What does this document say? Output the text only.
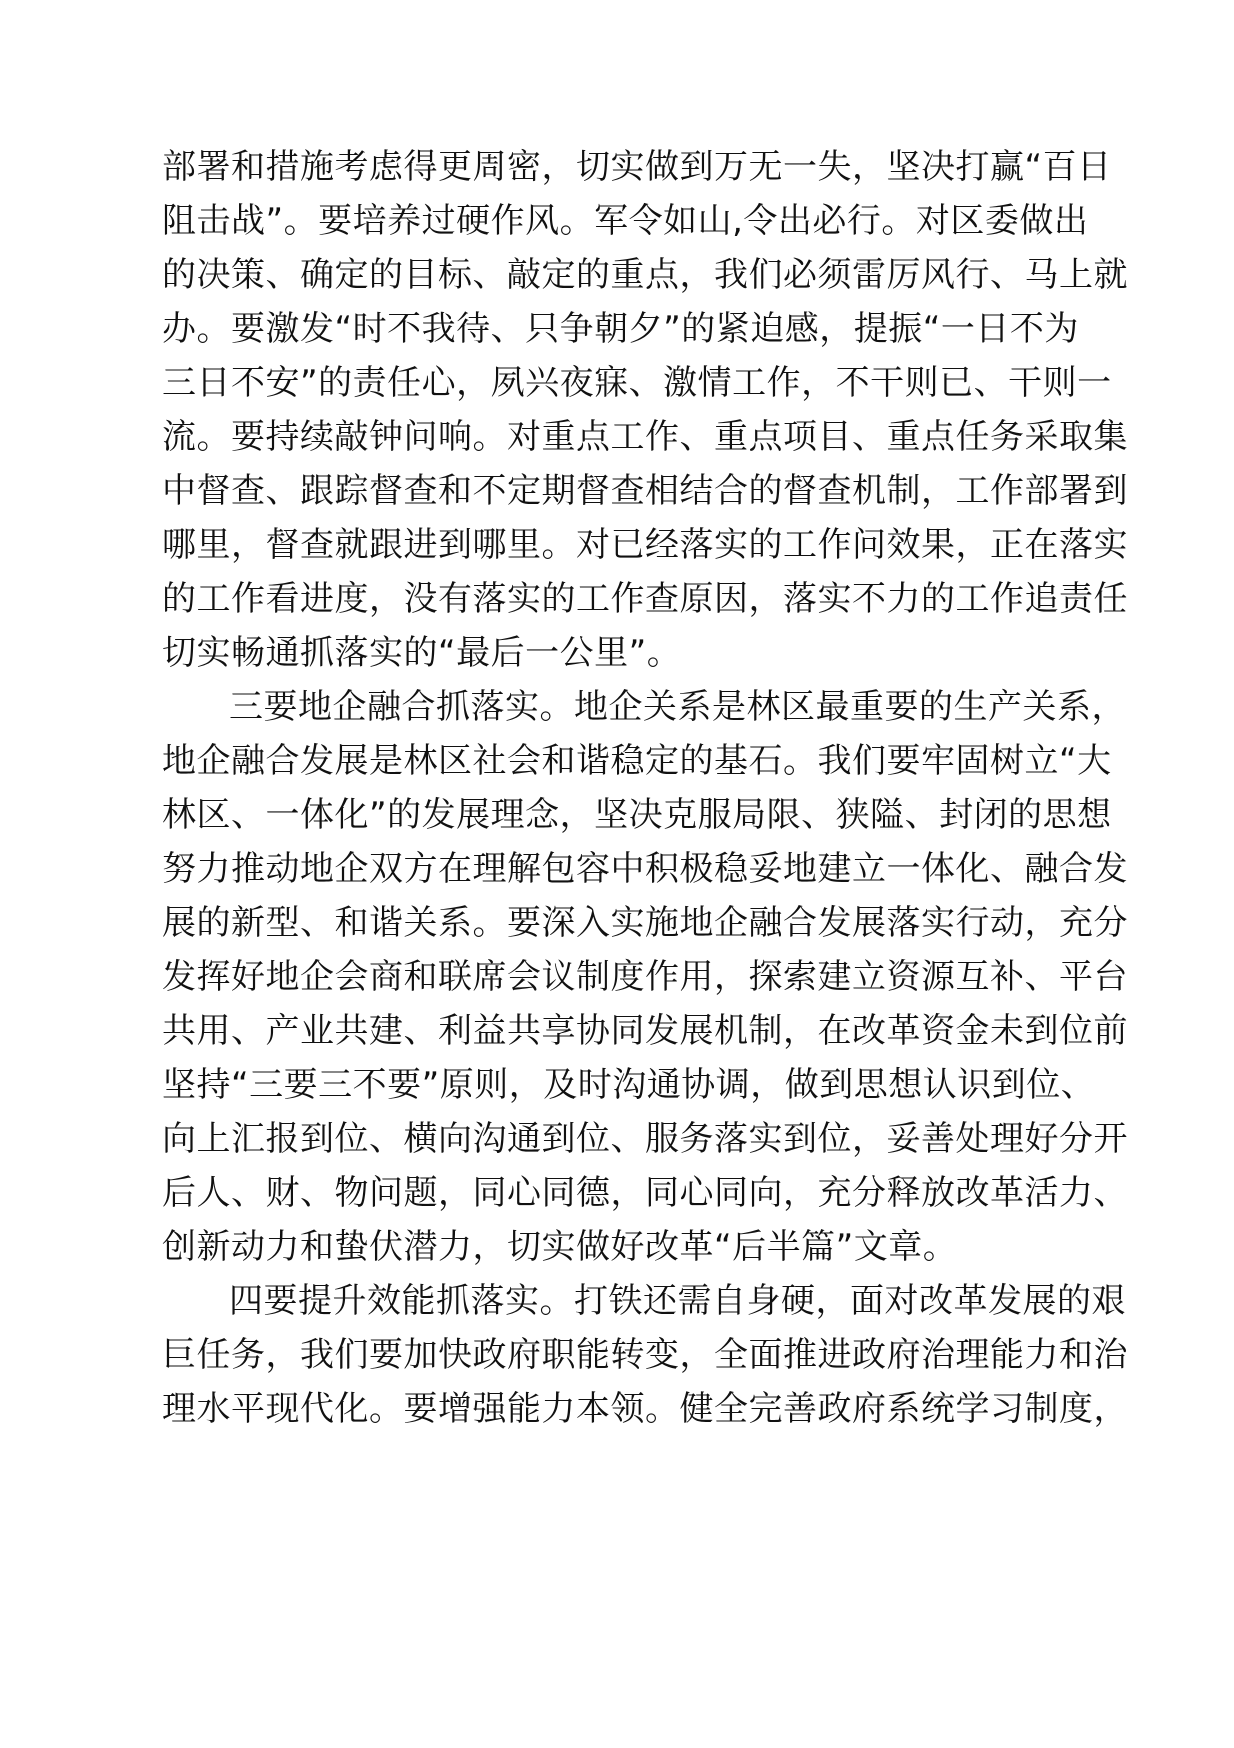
部署和措施考虑得更周密，切实做到万无一失，坚决打赢“百日
阻击战”。要培养过硬作风。军令如山,令出必行。对区委做出
的决策、确定的目标、敲定的重点，我们必须雷厉风行、马上就
办。要激发“时不我待、只争朝夕”的紧迫感，提振“一日不为
三日不安”的责任心，夙兴夜寐、激情工作，不干则已、干则一
流。要持续敲钟问响。对重点工作、重点项目、重点任务采取集
中督查、跟踪督查和不定期督查相结合的督查机制，工作部署到
哪里，督查就跟进到哪里。对已经落实的工作问效果，正在落实
的工作看进度，没有落实的工作查原因，落实不力的工作追责任
切实畅通抓落实的“最后一公里”。
三要地企融合抓落实。地企关系是林区最重要的生产关系，
地企融合发展是林区社会和谐稳定的基石。我们要牢固树立“大
林区、一体化”的发展理念，坚决克服局限、狭隘、封闭的思想
努力推动地企双方在理解包容中积极稳妥地建立一体化、融合发
展的新型、和谐关系。要深入实施地企融合发展落实行动，充分
发挥好地企会商和联席会议制度作用，探索建立资源互补、平台
共用、产业共建、利益共享协同发展机制，在改革资金未到位前
坚持“三要三不要”原则，及时沟通协调，做到思想认识到位、
向上汇报到位、横向沟通到位、服务落实到位，妥善处理好分开
后人、财、物问题，同心同德，同心同向，充分释放改革活力、
创新动力和蛰伏潜力，切实做好改革“后半篇”文章。
四要提升效能抓落实。打铁还需自身硬，面对改革发展的艰
巨任务，我们要加快政府职能转变，全面推进政府治理能力和治
理水平现代化。要增强能力本领。健全完善政府系统学习制度，
